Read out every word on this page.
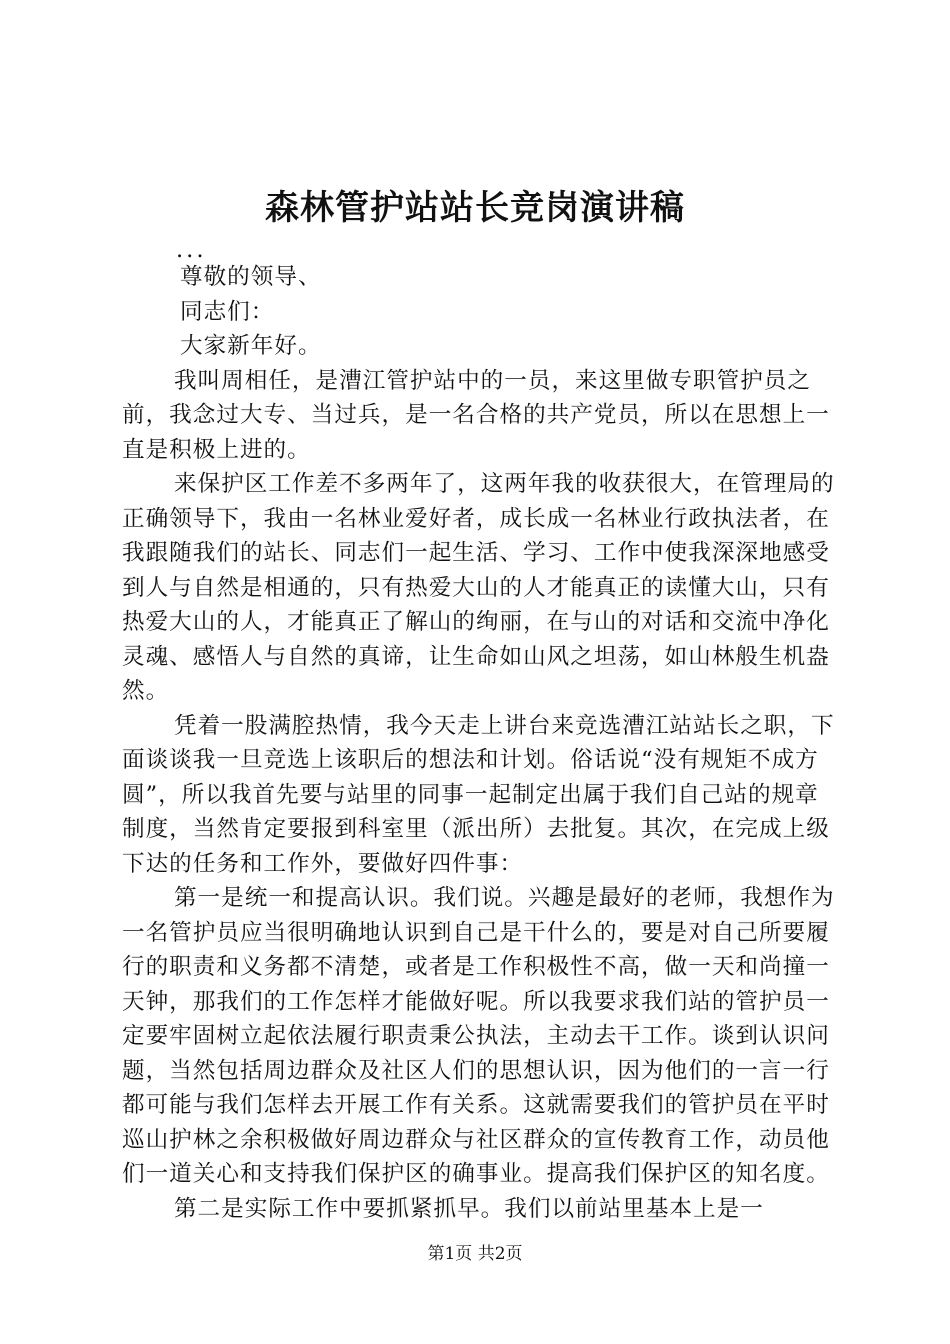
森林管护站站长竞岗演讲稿

...

尊敬的领导、

同志们：

大家新年好。

我叫周相任，是漕江管护站中的一员，来这里做专职管护员之前，我念过大专、当过兵，是一名合格的共产党员，所以在思想上一直是积极上进的。

来保护区工作差不多两年了，这两年我的收获很大，在管理局的正确领导下，我由一名林业爱好者，成长成一名林业行政执法者，在我跟随我们的站长、同志们一起生活、学习、工作中使我深深地感受到人与自然是相通的，只有热爱大山的人才能真正的读懂大山，只有热爱大山的人，才能真正了解山的绚丽，在与山的对话和交流中净化灵魂、感悟人与自然的真谛，让生命如山风之坦荡，如山林般生机盎然。

凭着一股满腔热情，我今天走上讲台来竞选漕江站站长之职，下面谈谈我一旦竞选上该职后的想法和计划。俗话说“没有规矩不成方圆”，所以我首先要与站里的同事一起制定出属于我们自己站的规章制度，当然肯定要报到科室里（派出所）去批复。其次，在完成上级下达的任务和工作外，要做好四件事：

第一是统一和提高认识。我们说。兴趣是最好的老师，我想作为一名管护员应当很明确地认识到自己是干什么的，要是对自己所要履行的职责和义务都不清楚，或者是工作积极性不高，做一天和尚撞一天钟，那我们的工作怎样才能做好呢。所以我要求我们站的管护员一定要牢固树立起依法履行职责秉公执法，主动去干工作。谈到认识问题，当然包括周边群众及社区人们的思想认识，因为他们的一言一行都可能与我们怎样去开展工作有关系。这就需要我们的管护员在平时巡山护林之余积极做好周边群众与社区群众的宣传教育工作，动员他们一道关心和支持我们保护区的确事业。提高我们保护区的知名度。

第二是实际工作中要抓紧抓早。我们以前站里基本上是一

第1页 共2页
